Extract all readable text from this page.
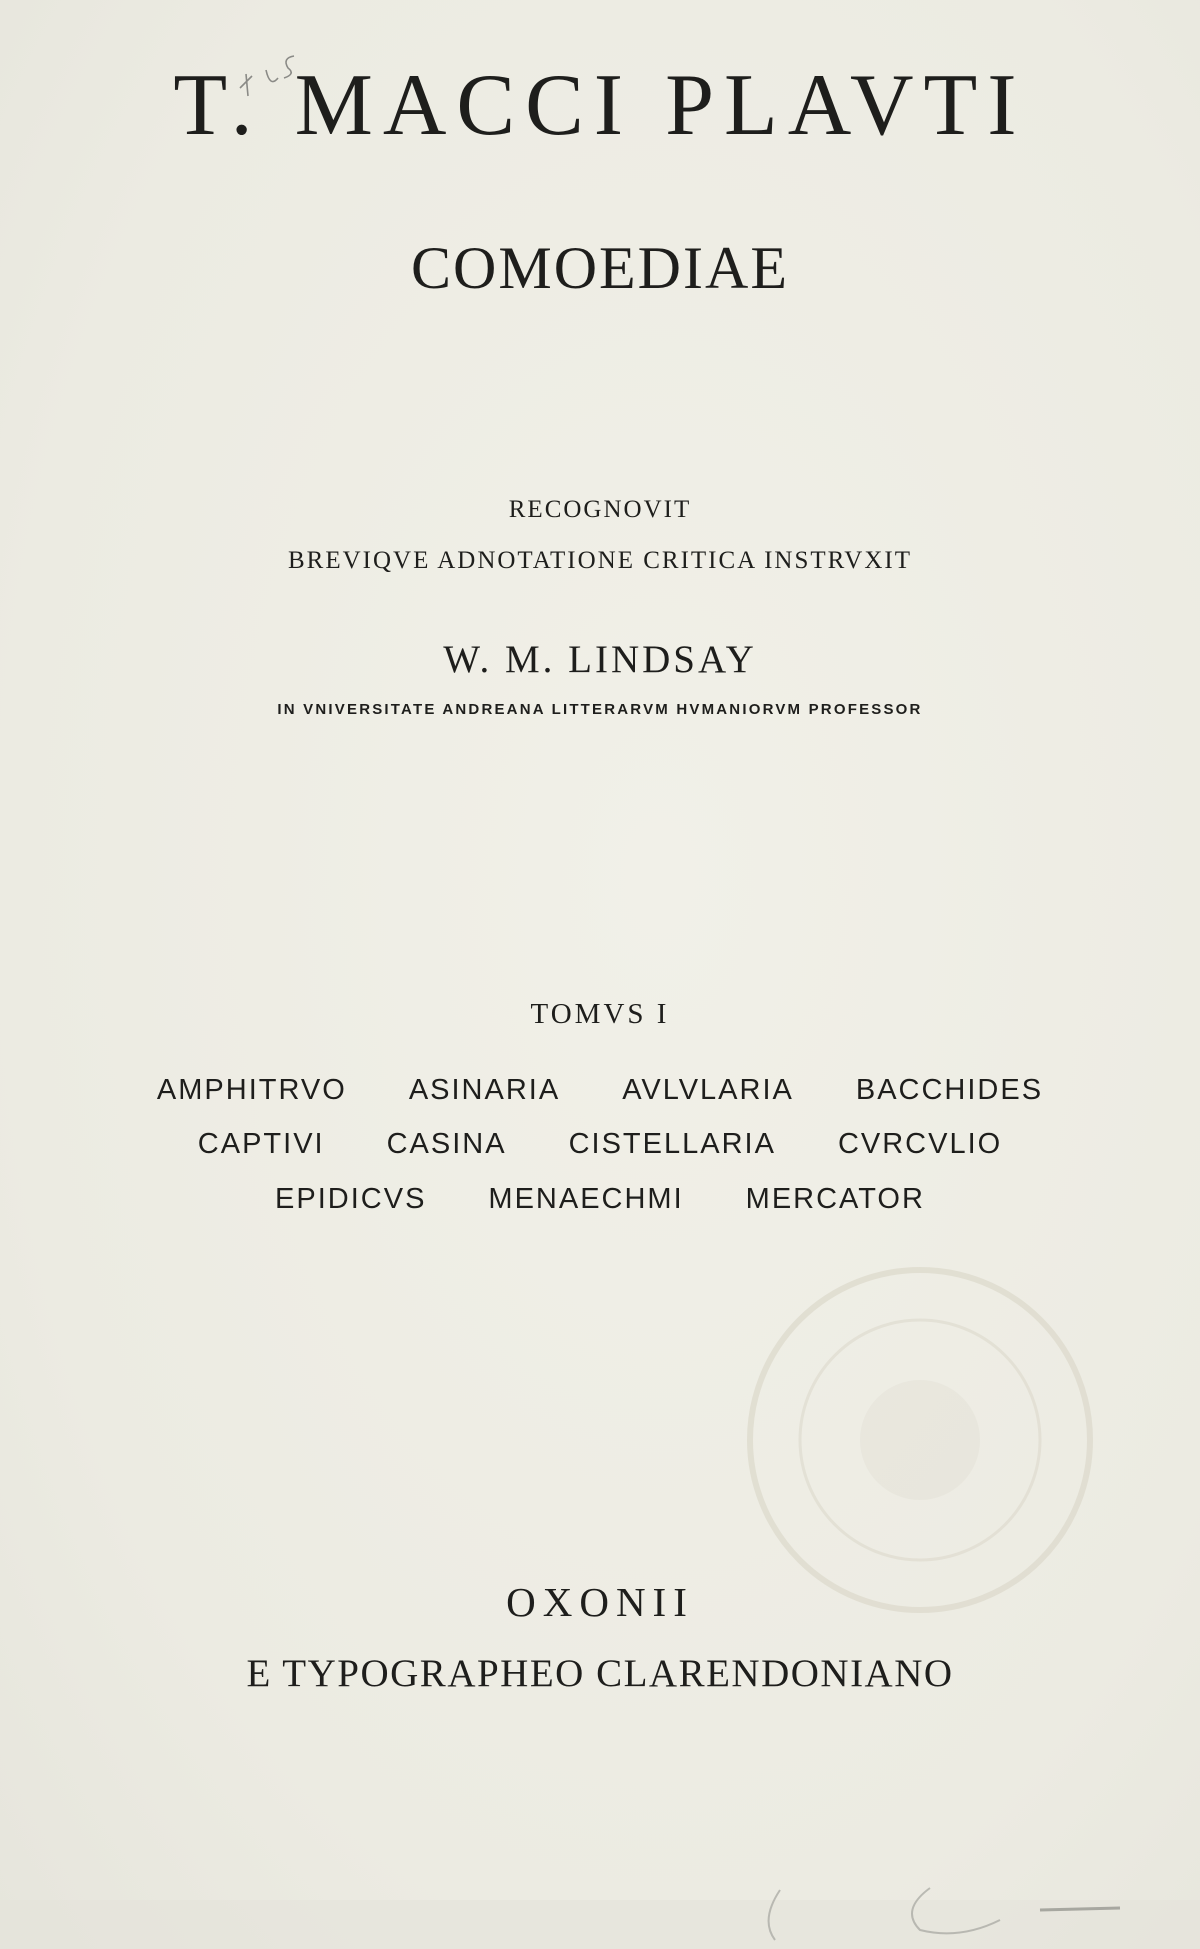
T. MACCI PLAVTI
COMOEDIAE
RECOGNOVIT
BREVIQVE ADNOTATIONE CRITICA INSTRVXIT
W. M. LINDSAY
IN VNIVERSITATE ANDREANA LITTERARVM HVMANIORVM PROFESSOR
TOMVS I
AMPHITRVO ASINARIA AVLVLARIA BACCHIDES
CAPTIVI CASINA CISTELLARIA CVRCVLIO
EPIDICVS MENAECHMI MERCATOR
OXONII
E TYPOGRAPHEO CLARENDONIANO
